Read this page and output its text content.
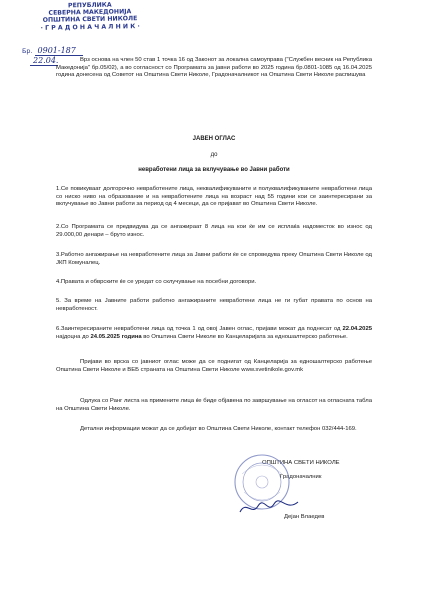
РЕПУБЛИКА
СЕВЕРНА МАКЕДОНИЈА
ОПШТИНА СВЕТИ НИКОЛЕ
· Г Р А Д О Н А Ч А Л Н И К ·
Бр. 0901-187
22.04.	Врз основа на член 50 став 1 точка 16 од Законот за локална самоуправа ("Службен весник на Република Македонија" бр.05/02), а во согласност со Програмата за јавни работи во 2025 година бр.0801-1085 од 16.04.2025 година донесена од Советот на Општина Свети Николе, Градоначалникот на Општина Свети Николе распишува

ЈАВЕН ОГЛАС
до
невработени лица за вклучување во Јавни работи

1.Се повикуваат долгорочно невработените лица, неквалификуваните и полуквалификуваните невработени лица со ниско ниво на образование и на невработените лица на возраст над 55 години кои се заинтересирани за вклучување во Јавни работи за период од 4 месеци, да се пријават во Општина Свети Николе.

2.Со Програмата се предвидува да се ангажираат 8 лица на кои ќе им се исплаќа надоместок во износ од 29.000,00 денари – бруто износ.

3.Работно ангажирање на невработените лица за Јавни работи ќе се спроведува преку Општина Свети Николе од ЈКП Комуналец.

4.Правата и обврските ќе се уредат со склучување на посебни договори.

5. За време на Јавните работи работно ангажираните невработени лица не ги губат правата по основ на невработеност.

6.Заинтересираните невработени лица од точка 1 од овој Јавен оглас, пријави можат да поднесат од 22.04.2025 најдоцна до 24.05.2025 година во Општина Свети Николе во Канцеларијата за едношалтерско работење.

Пријави во врска со јавниот оглас може да се поднигат од Канцеларија за едношалтерско работење Општина Свети Николе и ВЕБ страната на Општина Свети Николе www.svetinikole.gov.mk

Одлука со Ранг листа на примените лица ќе биде објавена по завршување на огласот на огласната табла на Општина Свети Николе.

Детални информации можат да се добијат во Општина Свети Николе, контакт телефон 032/444-169.

ОПШТИНА СВЕТИ НИКОЛЕ
Градоначалник
Дејан Влаедев
